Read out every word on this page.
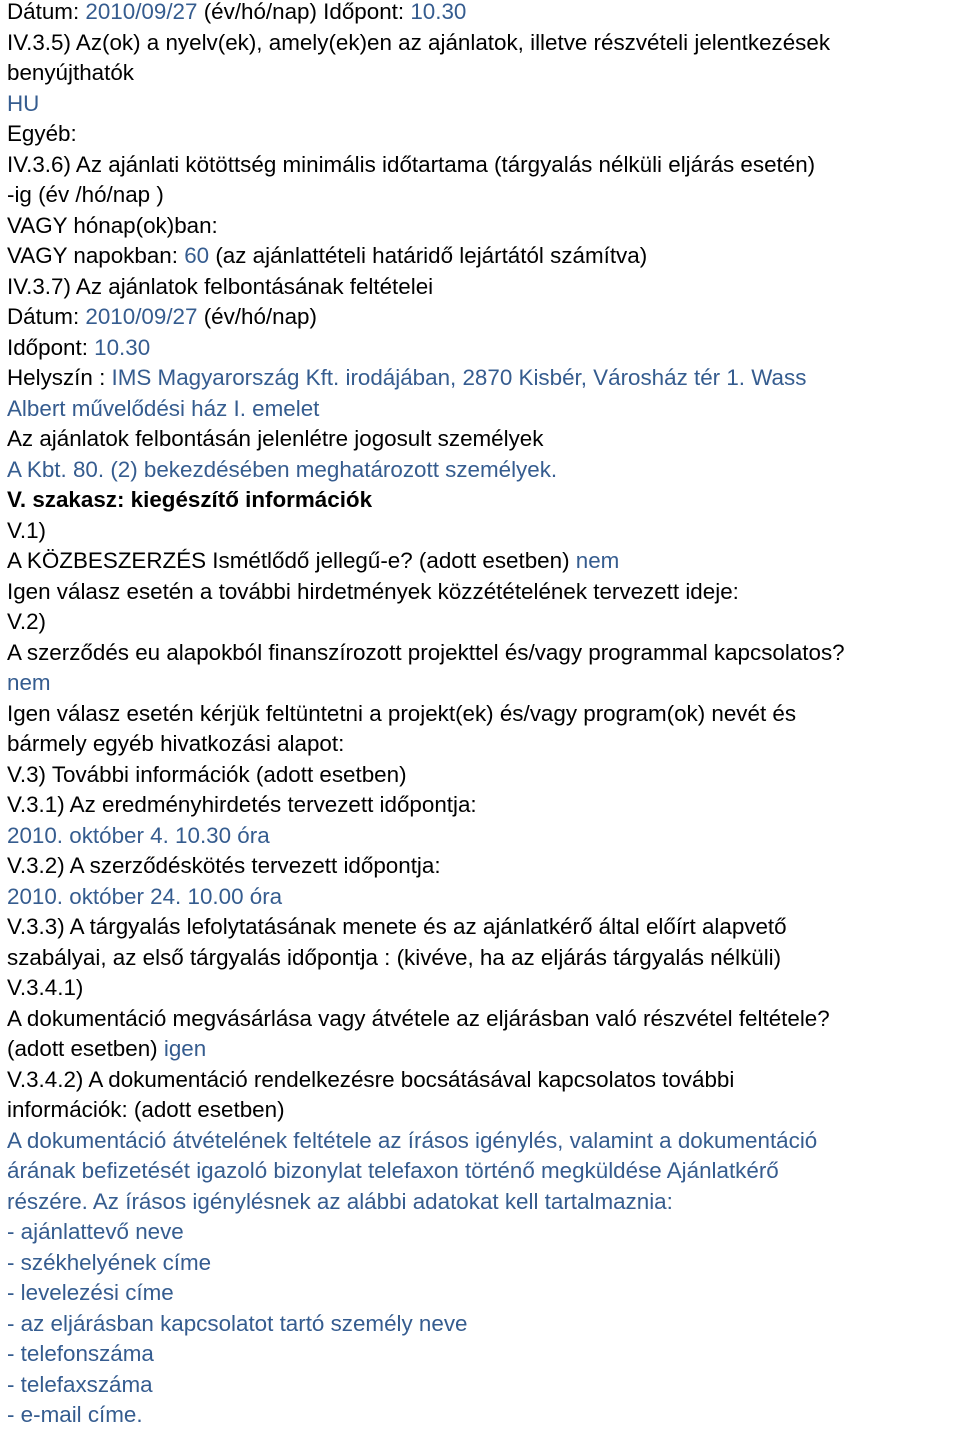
Dátum: 2010/09/27 (év/hó/nap) Időpont: 10.30
IV.3.5) Az(ok) a nyelv(ek), amely(ek)en az ajánlatok, illetve részvételi jelentkezések
benyújthatók
HU
Egyéb:
IV.3.6) Az ajánlati kötöttség minimális időtartama (tárgyalás nélküli eljárás esetén)
-ig (év /hó/nap )
VAGY hónap(ok)ban:
VAGY napokban: 60 (az ajánlattételi határidő lejártától számítva)
IV.3.7) Az ajánlatok felbontásának feltételei
Dátum: 2010/09/27 (év/hó/nap)
Időpont: 10.30
Helyszín : IMS Magyarország Kft. irodájában, 2870 Kisbér, Városház tér 1. Wass
Albert művelődési ház I. emelet
Az ajánlatok felbontásán jelenlétre jogosult személyek
A Kbt. 80. (2) bekezdésében meghatározott személyek.
V. szakasz: kiegészítő információk
V.1)
A KÖZBESZERZÉS Ismétlődő jellegű-e? (adott esetben) nem
Igen válasz esetén a további hirdetmények közzétételének tervezett ideje:
V.2)
A szerződés eu alapokból finanszírozott projekttel és/vagy programmal kapcsolatos?
nem
Igen válasz esetén kérjük feltüntetni a projekt(ek) és/vagy program(ok) nevét és
bármely egyéb hivatkozási alapot:
V.3) További információk (adott esetben)
V.3.1) Az eredményhirdetés tervezett időpontja:
2010. október 4. 10.30 óra
V.3.2) A szerződéskötés tervezett időpontja:
2010. október 24. 10.00 óra
V.3.3) A tárgyalás lefolytatásának menete és az ajánlatkérő által előírt alapvető
szabályai, az első tárgyalás időpontja : (kivéve, ha az eljárás tárgyalás nélküli)
V.3.4.1)
A dokumentáció megvásárlása vagy átvétele az eljárásban való részvétel feltétele?
(adott esetben) igen
V.3.4.2) A dokumentáció rendelkezésre bocsátásával kapcsolatos további
információk: (adott esetben)
A dokumentáció átvételének feltétele az írásos igénylés, valamint a dokumentáció
árának befizetését igazoló bizonylat telefaxon történő megküldése Ajánlatkérő
részére. Az írásos igénylésnek az alábbi adatokat kell tartalmaznia:
- ajánlattevő neve
- székhelyének címe
- levelezési címe
- az eljárásban kapcsolatot tartó személy neve
- telefonszáma
- telefaxszáma
- e-mail címe.
